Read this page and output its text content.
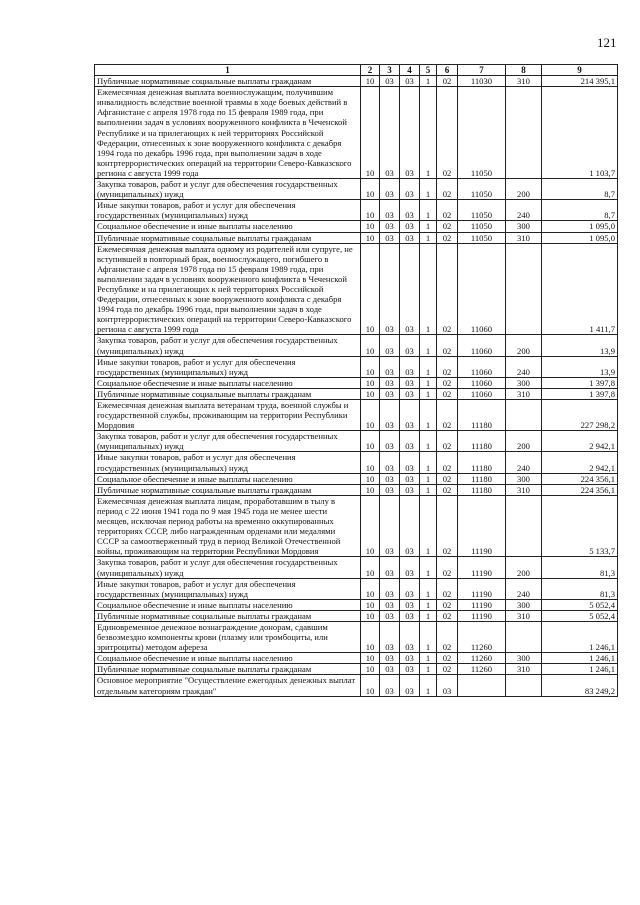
121
1	2	3	4	5	6	7	8	9
Публичные нормативные социальные выплаты гражданам	10	03	03	1	02	11030	310	214 395,1
Ежемесячная денежная выплата военнослужащим, получившим инвалидность вследствие военной травмы в ходе боевых действий в Афганистане с апреля 1978 года по 15 февраля 1989 года, при выполнении задач в условиях вооруженного конфликта в Чеченской Республике и на прилегающих к ней территориях Российской Федерации, отнесенных к зоне вооруженного конфликта с декабря 1994 года по декабрь 1996 года, при выполнении задач в ходе контртеррористических операций на территории Северо-Кавказского региона с августа 1999 года	10	03	03	1	02	11050		1 103,7
Закупка товаров, работ и услуг для обеспечения государственных (муниципальных) нужд	10	03	03	1	02	11050	200	8,7
Иные закупки товаров, работ и услуг для обеспечения государственных (муниципальных) нужд	10	03	03	1	02	11050	240	8,7
Социальное обеспечение и иные выплаты населению	10	03	03	1	02	11050	300	1 095,0
Публичные нормативные социальные выплаты гражданам	10	03	03	1	02	11050	310	1 095,0
Ежемесячная денежная выплата одному из родителей или супруге, не вступившей в повторный брак, военнослужащего, погибшего в Афганистане с апреля 1978 года по 15 февраля 1989 года, при выполнении задач в условиях вооруженного конфликта в Чеченской Республике и на прилегающих к ней территориях Российской Федерации, отнесенных к зоне вооруженного конфликта с декабря 1994 года по декабрь 1996 года, при выполнении задач в ходе контртеррористических операций на территории Северо-Кавказского региона с августа 1999 года	10	03	03	1	02	11060		1 411,7
Закупка товаров, работ и услуг для обеспечения государственных (муниципальных) нужд	10	03	03	1	02	11060	200	13,9
Иные закупки товаров, работ и услуг для обеспечения государственных (муниципальных) нужд	10	03	03	1	02	11060	240	13,9
Социальное обеспечение и иные выплаты населению	10	03	03	1	02	11060	300	1 397,8
Публичные нормативные социальные выплаты гражданам	10	03	03	1	02	11060	310	1 397,8
Ежемесячная денежная выплата ветеранам труда, военной службы и государственной службы, проживающим на территории Республики Мордовия	10	03	03	1	02	11180		227 298,2
Закупка товаров, работ и услуг для обеспечения государственных (муниципальных) нужд	10	03	03	1	02	11180	200	2 942,1
Иные закупки товаров, работ и услуг для обеспечения государственных (муниципальных) нужд	10	03	03	1	02	11180	240	2 942,1
Социальное обеспечение и иные выплаты населению	10	03	03	1	02	11180	300	224 356,1
Публичные нормативные социальные выплаты гражданам	10	03	03	1	02	11180	310	224 356,1
Ежемесячная денежная выплата лицам, проработавшим в тылу в период с 22 июня 1941 года по 9 мая 1945 года не менее шести месяцев, исключая период работы на временно оккупированных территориях СССР, либо награжденным орденами или медалями СССР за самоотверженный труд в период Великой Отечественной войны, проживающим на территории Республики Мордовия	10	03	03	1	02	11190		5 133,7
Закупка товаров, работ и услуг для обеспечения государственных (муниципальных) нужд	10	03	03	1	02	11190	200	81,3
Иные закупки товаров, работ и услуг для обеспечения государственных (муниципальных) нужд	10	03	03	1	02	11190	240	81,3
Социальное обеспечение и иные выплаты населению	10	03	03	1	02	11190	300	5 052,4
Публичные нормативные социальные выплаты гражданам	10	03	03	1	02	11190	310	5 052,4
Единовременное денежное вознаграждение донорам, сдавшим безвозмездно компоненты крови (плазму или тромбоциты, или эритроциты) методом афереза	10	03	03	1	02	11260		1 246,1
Социальное обеспечение и иные выплаты населению	10	03	03	1	02	11260	300	1 246,1
Публичные нормативные социальные выплаты гражданам	10	03	03	1	02	11260	310	1 246,1
Основное мероприятие "Осуществление ежегодных денежных выплат отдельным категориям граждан"	10	03	03	1	03			83 249,2
